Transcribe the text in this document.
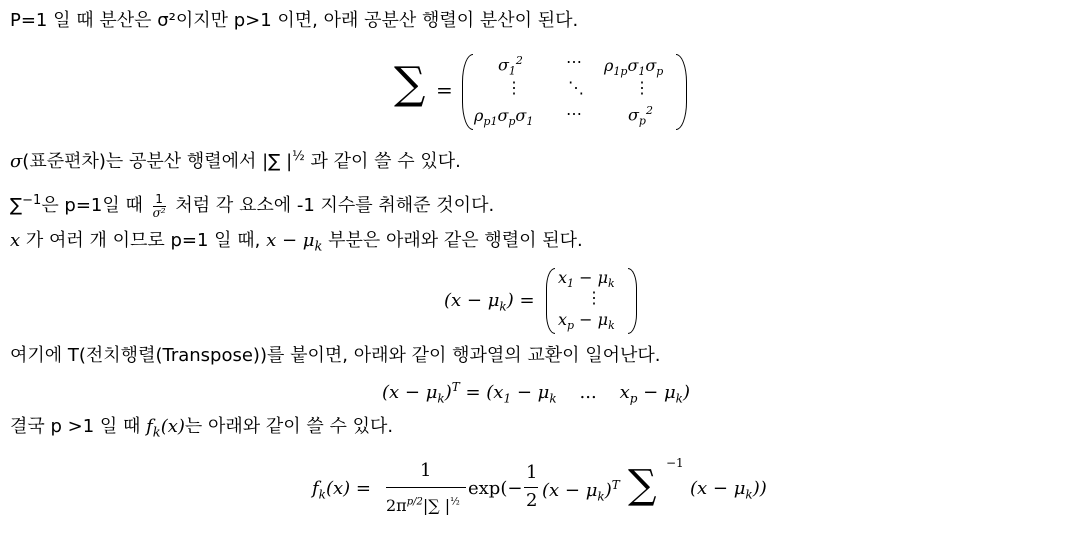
P=1 일 때 분산은 σ²이지만 p>1 이면, 아래 공분산 행렬이 분산이 된다.
∑ =
$\sigma_1^2$	⋯ $\rho_{1p}\sigma_1\sigma_p$
⋮	⋱	⋮
$\rho_{p1}\sigma_p\sigma_1$ ⋯	$\sigma_p^2$
σ(표준편차)는 공분산 행렬에서 |∑ $|^{\frac{1}{2}}$ 과 같이 쓸 수 있다.
∑$^{-1}$은 p=1일 때 $\frac{1}{\text{σ²}}$ 처럼 각 요소에 -1 지수를 취해준 것이다.
x 가 여러 개 이므로 p=1 일 때, $x - \mu_k$ 부분은 아래와 같은 행렬이 된다.
$(x - \mu_k)$ =
$x_1 - \mu_k$
⋮
$x_p - \mu_k$
여기에 T(전치행렬(Transpose))를 붙이면, 아래와 같이 행과열의 교환이 일어난다.
$(x - \mu_k)^T = (x_1 - \mu_k$ ...    $x_p - \mu_k$)
결국 p >1 일 때 $f_k(x)$는 아래와 같이 쓸 수 있다.
$f_k(x)$ =
1
$2\pi^{p/2}|\sum$ $|^{\frac{1}{2}}$
exp(−
1
2 $(x - \mu_k)^T$ ∑ −1
$(x - \mu_k)$)
